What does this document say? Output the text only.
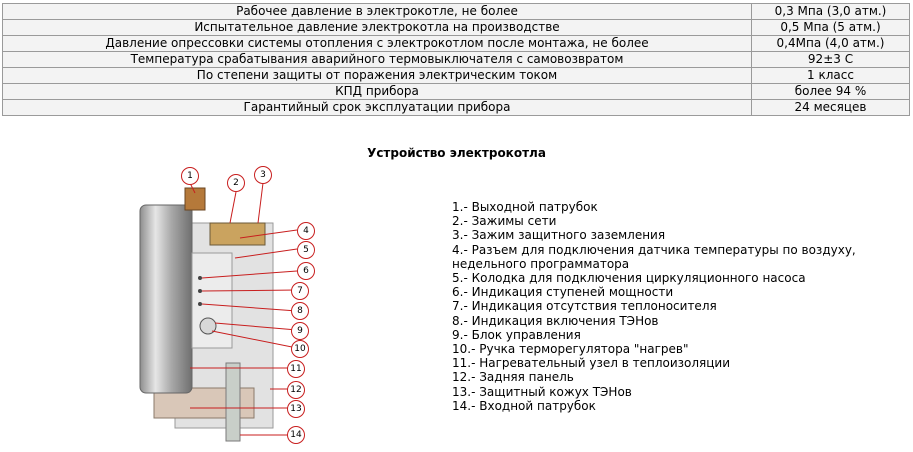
Рабочее давление в электрокотле, не более	0,3 Мпа (3,0 атм.)
Испытательное давление электрокотла на производстве	0,5 Мпа (5 атм.)
Давление опрессовки системы отопления с электрокотлом после монтажа, не более	0,4Мпа (4,0 атм.)
Температура срабатывания аварийного термовыключателя с самовозвратом	92±3 С
По степени защиты от поражения электрическим током	1 класс
КПД прибора	более 94 %
Гарантийный срок эксплуатации прибора	24 месяцев
Устройство электрокотла
1
2
3
4
5
6
7
8
9
10
11
12
13
14
1.- Выходной патрубок
2.- Зажимы сети
3.- Зажим защитного заземления
4.- Разъем для подключения датчика температуры по воздуху,
недельного программатора
5.- Колодка для подключения циркуляционного насоса
6.- Индикация ступеней мощности
7.- Индикация отсутствия теплоносителя
8.- Индикация включения ТЭНов
9.- Блок управления
10.- Ручка терморегулятора "нагрев"
11.- Нагревательный узел в теплоизоляции
12.- Задняя панель
13.- Защитный кожух ТЭНов
14.- Входной патрубок
